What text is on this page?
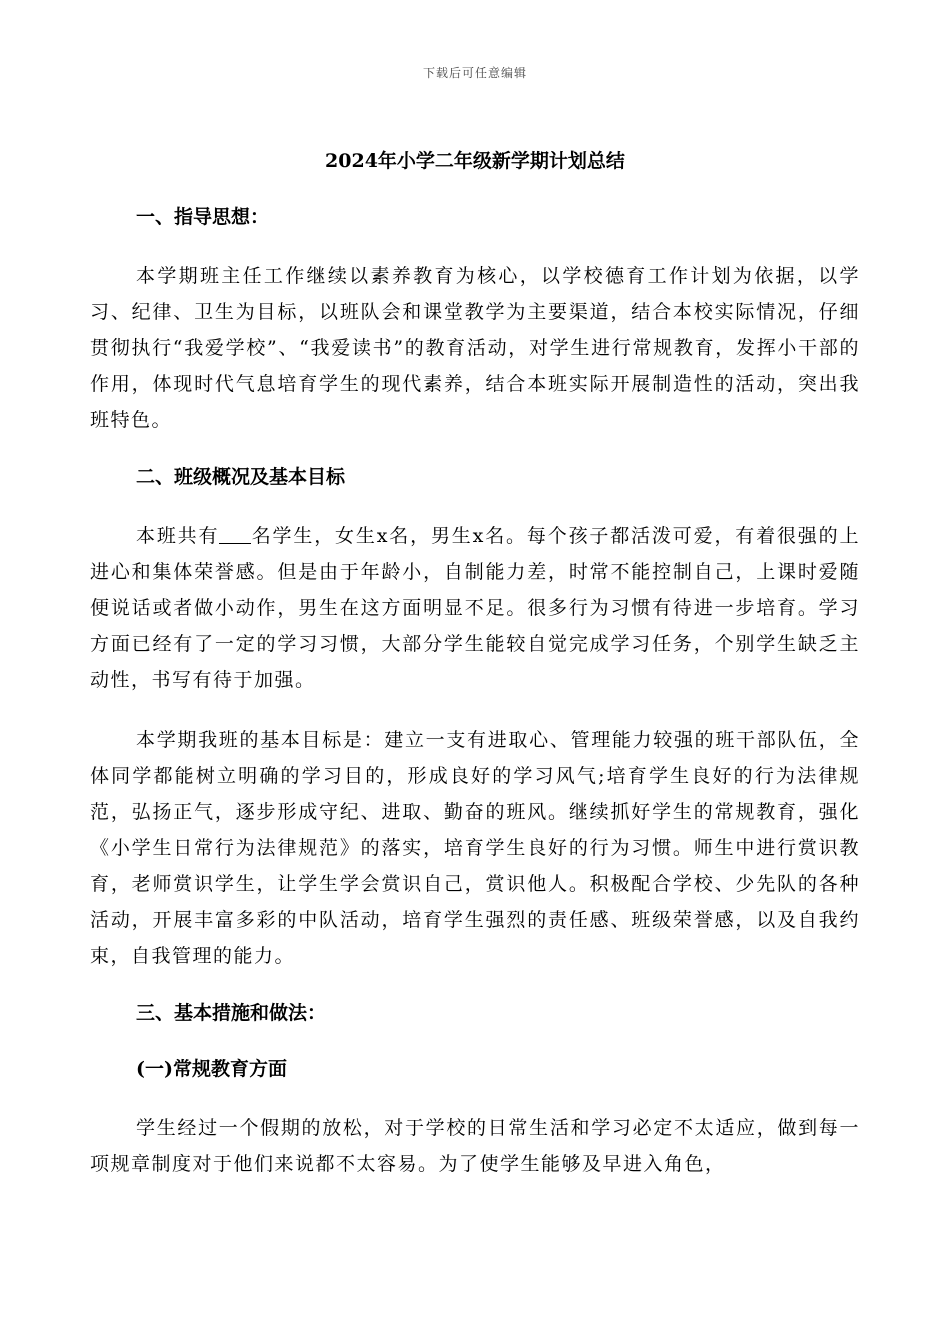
下载后可任意编辑
2024年小学二年级新学期计划总结
一、指导思想：

本学期班主任工作继续以素养教育为核心，以学校德育工作计划为依据，以学习、纪律、卫生为目标，以班队会和课堂教学为主要渠道，结合本校实际情况，仔细贯彻执行“我爱学校”、“我爱读书”的教育活动，对学生进行常规教育，发挥小干部的作用，体现时代气息培育学生的现代素养，结合本班实际开展制造性的活动，突出我班特色。

二、班级概况及基本目标

本班共有 名学生，女生x名，男生x名。每个孩子都活泼可爱，有着很强的上进心和集体荣誉感。但是由于年龄小，自制能力差，时常不能控制自己，上课时爱随便说话或者做小动作，男生在这方面明显不足。很多行为习惯有待进一步培育。学习方面已经有了一定的学习习惯，大部分学生能较自觉完成学习任务，个别学生缺乏主动性，书写有待于加强。

本学期我班的基本目标是：建立一支有进取心、管理能力较强的班干部队伍，全体同学都能树立明确的学习目的，形成良好的学习风气;培育学生良好的行为法律规范，弘扬正气，逐步形成守纪、进取、勤奋的班风。继续抓好学生的常规教育，强化《小学生日常行为法律规范》的落实，培育学生良好的行为习惯。师生中进行赏识教育，老师赏识学生，让学生学会赏识自己，赏识他人。积极配合学校、少先队的各种活动，开展丰富多彩的中队活动，培育学生强烈的责任感、班级荣誉感，以及自我约束，自我管理的能力。

三、基本措施和做法：
(一)常规教育方面

学生经过一个假期的放松，对于学校的日常生活和学习必定不太适应，做到每一项规章制度对于他们来说都不太容易。为了使学生能够及早进入角色，
